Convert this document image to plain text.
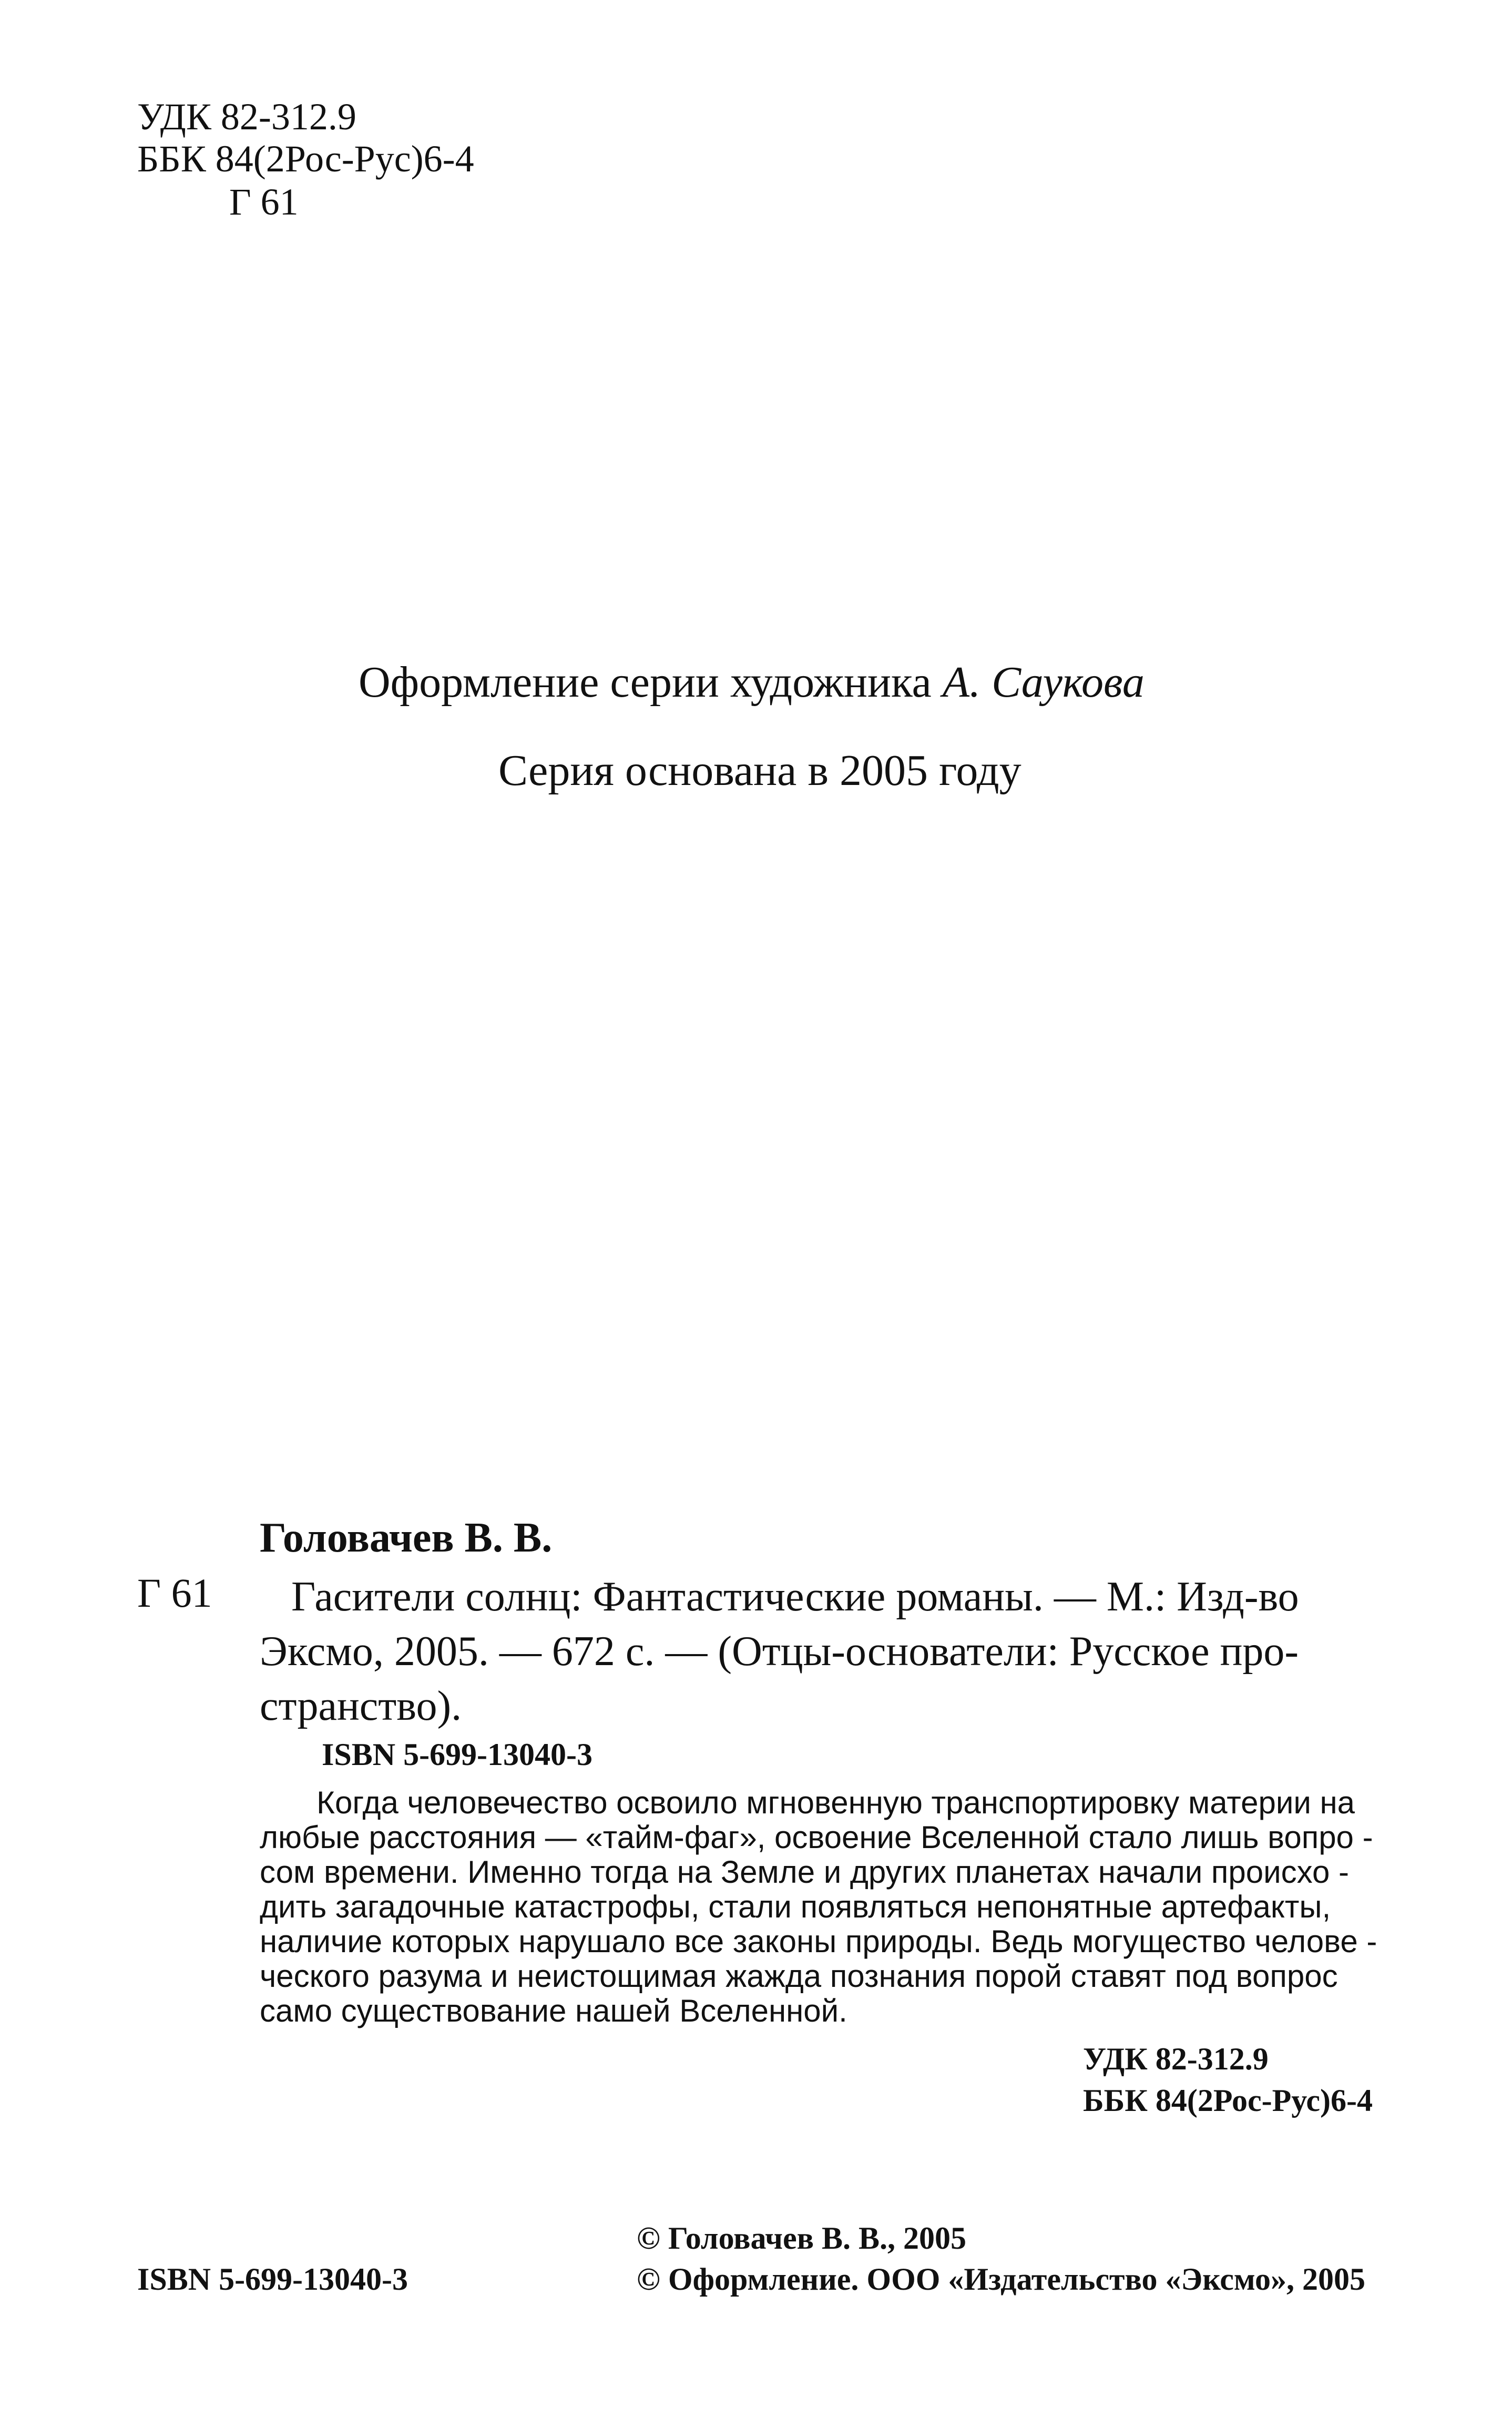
УДК 82-312.9
ББК 84(2Рос-Рус)6-4
Г 61
Оформление серии художника А. Саукова
Серия основана в 2005 году
Головачев В. В.
Г 61	Гасители солнц: Фантастические романы. — М.: Изд-во
Эксмо, 2005. — 672 с. — (Отцы-основатели: Русское про-
странство).
ISBN 5-699-13040-3
Когда человечество освоило мгновенную транспортировку материи на
любые расстояния — «тайм-фаг», освоение Вселенной стало лишь вопро -
сом времени. Именно тогда на Земле и других планетах начали происхо -
дить загадочные катастрофы, стали появляться непонятные артефакты,
наличие которых нарушало все законы природы. Ведь могущество челове -
ческого разума и неистощимая жажда познания порой ставят под вопрос
само существование нашей Вселенной.
УДК 82-312.9
ББК 84(2Рос-Рус)6-4
© Головачев В. В., 2005
ISBN 5-699-13040-3	© Оформление. ООО «Издательство «Эксмо», 2005
